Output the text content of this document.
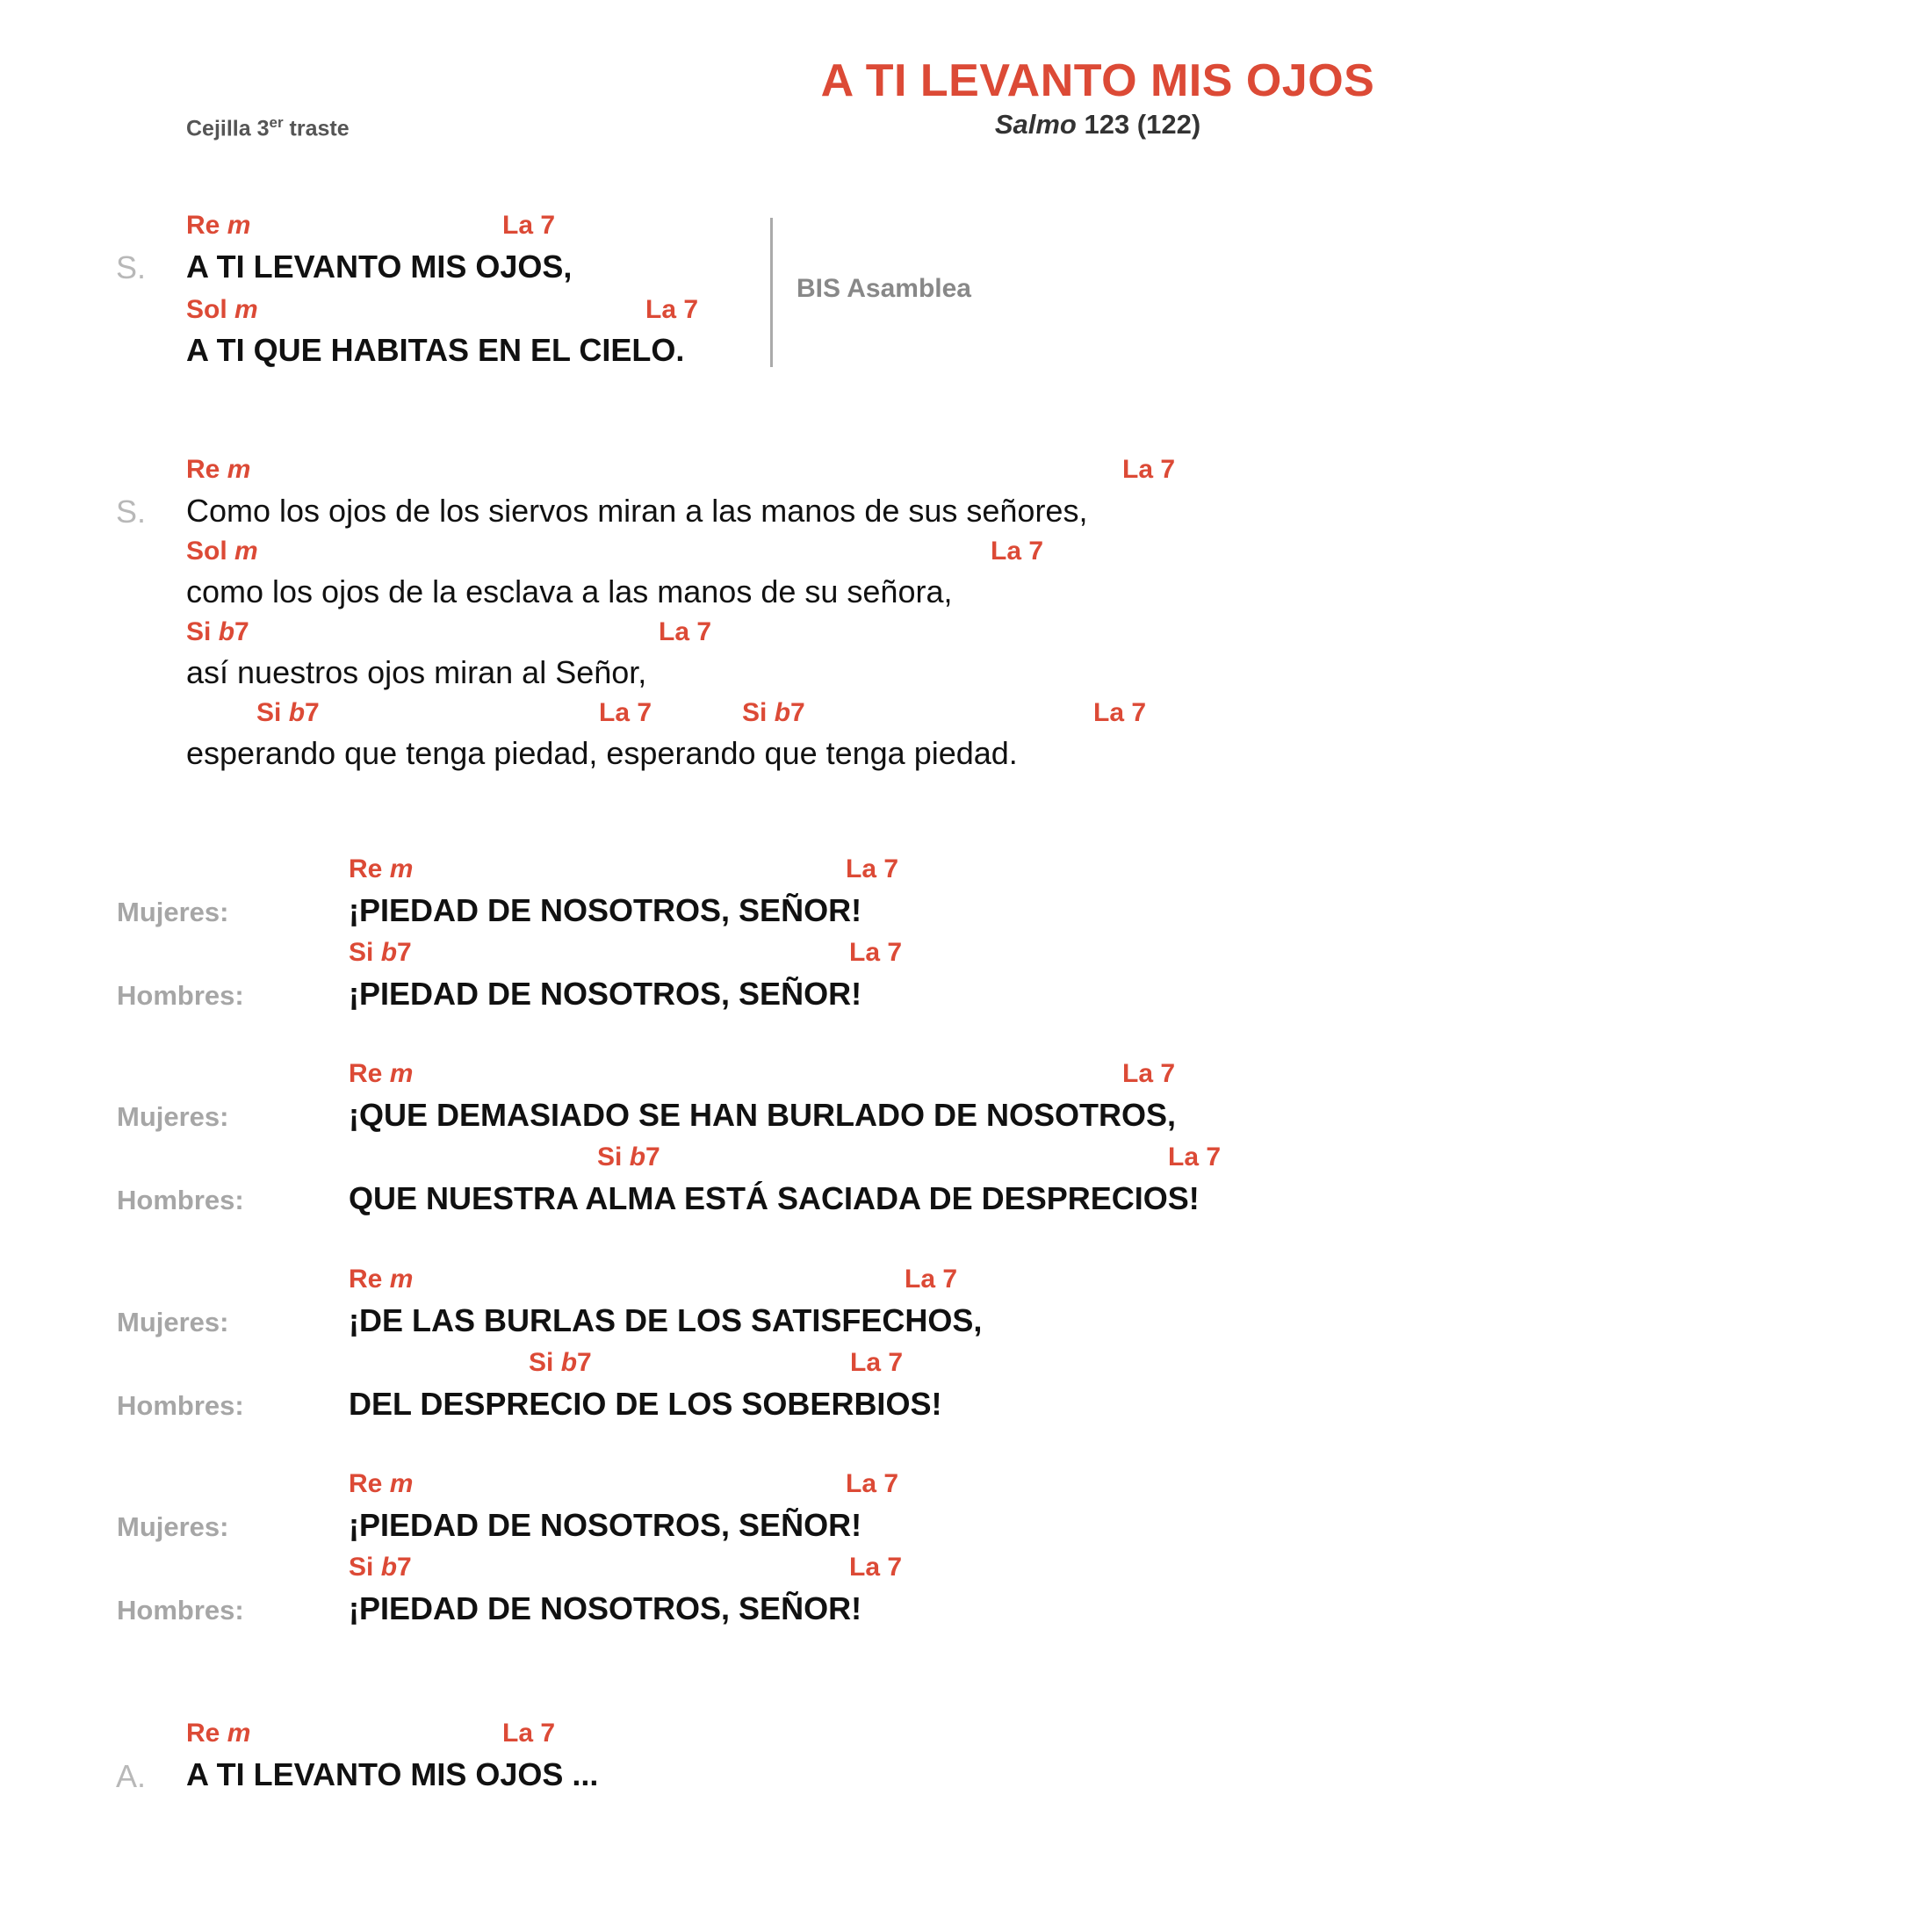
A TI LEVANTO MIS OJOS
Salmo 123 (122)
Cejilla 3er traste
Re m	La 7
S. A TI LEVANTO MIS OJOS,
Sol m	La 7
A TI QUE HABITAS EN EL CIELO.
BIS Asamblea
Re m	La 7
S. Como los ojos de los siervos miran a las manos de sus señores,
Sol m	La 7
como los ojos de la esclava a las manos de su señora,
Si b7	La 7
así nuestros ojos miran al Señor,
Si b7	La 7	Si b7	La 7
esperando que tenga piedad, esperando que tenga piedad.
Re m	La 7
Mujeres:	¡PIEDAD DE NOSOTROS, SEÑOR!
Si b7	La 7
Hombres:	¡PIEDAD DE NOSOTROS, SEÑOR!
Re m	La 7
Mujeres:	¡QUE DEMASIADO SE HAN BURLADO DE NOSOTROS,
Si b7	La 7
Hombres:	QUE NUESTRA ALMA ESTÁ SACIADA DE DESPRECIOS!
Re m	La 7
Mujeres:	¡DE LAS BURLAS DE LOS SATISFECHOS,
Si b7	La 7
Hombres:	DEL DESPRECIO DE LOS SOBERBIOS!
Re m	La 7
Mujeres:	¡PIEDAD DE NOSOTROS, SEÑOR!
Si b7	La 7
Hombres:	¡PIEDAD DE NOSOTROS, SEÑOR!
Re m	La 7
A. A TI LEVANTO MIS OJOS ...
